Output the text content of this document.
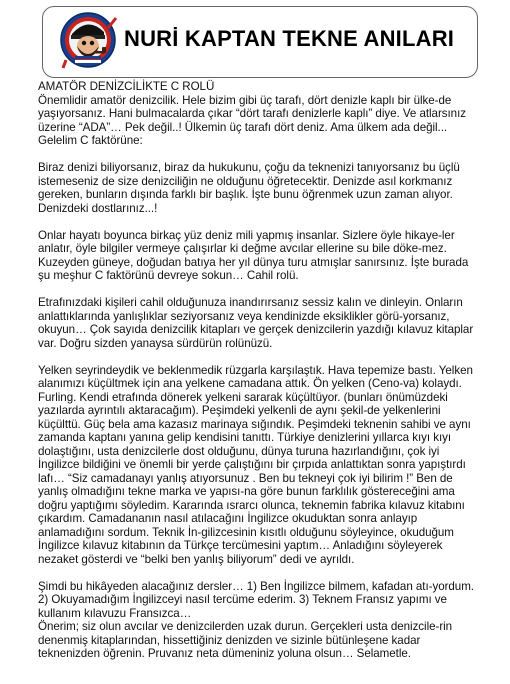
NURİ KAPTAN TEKNE ANILARI
AMATÖR DENİZCİLİKTE C ROLÜ

Önemlidir amatör denizcilik. Hele bizim gibi üç tarafı, dört denizle kaplı bir ülke-de yaşıyorsanız. Hani bulmacalarda çıkar “dört tarafı denizlerle kaplı” diye. Ve atlarsınız üzerine “ADA”… Pek değil..! Ülkemin üç tarafı dört deniz. Ama ülkem ada değil... Gelelim C faktörüne:

Biraz denizi biliyorsanız, biraz da hukukunu, çoğu da teknenizi tanıyorsanız bu üçlü istemeseniz de size denizciliğin ne olduğunu öğretecektir. Denizde asıl korkmanız gereken, bunların dışında farklı bir başlık. İşte bunu öğrenmek uzun zaman alıyor. Denizdeki dostlarınız...!

Onlar hayatı boyunca birkaç yüz deniz mili yapmış insanlar. Sizlere öyle hikaye-ler anlatır, öyle bilgiler vermeye çalışırlar ki değme avcılar ellerine su bile döke-mez. Kuzeyden güneye, doğudan batıya her yıl dünya turu atmışlar sanırsınız. İşte burada şu meşhur C faktörünü devreye sokun… Cahil rolü.

Etrafınızdaki kişileri cahil olduğunuza inandırırsanız sessiz kalın ve dinleyin. Onların anlattıklarında yanlışlıklar seziyorsanız veya kendinizde eksiklikler görü-yorsanız, okuyun… Çok sayıda denizcilik kitapları ve gerçek denizcilerin yazdığı kılavuz kitaplar var. Doğru sizden yanaysa sürdürün rolünüzü.

Yelken seyrindeydik ve beklenmedik rüzgarla karşılaştık. Hava tepemize bastı. Yelken alanımızı küçültmek için ana yelkene camadana attık. Ön yelken (Ceno-va) kolaydı. Furling. Kendi etrafında dönerek yelkeni sararak küçültüyor. (bunları önümüzdeki yazılarda ayrıntılı aktaracağım). Peşimdeki yelkenli de aynı şekil-de yelkenlerini küçülttü. Güç bela ama kazasız marinaya sığındık. Peşimdeki teknenin sahibi ve aynı zamanda kaptanı yanına gelip kendisini tanıttı. Türkiye denizlerini yıllarca kıyı kıyı dolaştığını, usta denizcilerle dost olduğunu, dünya turuna hazırlandığını, çok iyi İngilizce bildiğini ve önemli bir yerde çalıştığını bir çırpıda anlattıktan sonra yapıştırdı lafı… “Siz camadanayı yanlış atıyorsunuz . Ben bu tekneyi çok iyi bilirim !” Ben de yanlış olmadığını tekne marka ve yapısı-na göre bunun farklılık göstereceğini ama doğru yaptığımı söyledim. Kararında ısrarcı olunca, teknemin fabrika kılavuz kitabını çıkardım. Camadananın nasıl atılacağını İngilizce okuduktan sonra anlayıp anlamadığını sordum. Teknik İn-gilizcesinin kısıtlı olduğunu söyleyince, okuduğum İngilizce kılavuz kitabının da Türkçe tercümesini yaptım… Anladığını söyleyerek nezaket gösterdi ve “belki ben yanlış biliyorum” dedi ve ayrıldı.

Şimdi bu hikâyeden alacağınız dersler… 1) Ben İngilizce bilmem, kafadan atı-yordum. 2) Okuyamadığım İngilizceyi nasıl tercüme ederim. 3) Teknem Fransız yapımı ve kullanım kılavuzu Fransızca…
Önerim; siz olun avcılar ve denizcilerden uzak durun. Gerçekleri usta denizcile-rin denenmiş kitaplarından, hissettiğiniz denizden ve sizinle bütünleşene kadar teknenizden öğrenin. Pruvanız neta dümeniniz yoluna olsun… Selametle.
